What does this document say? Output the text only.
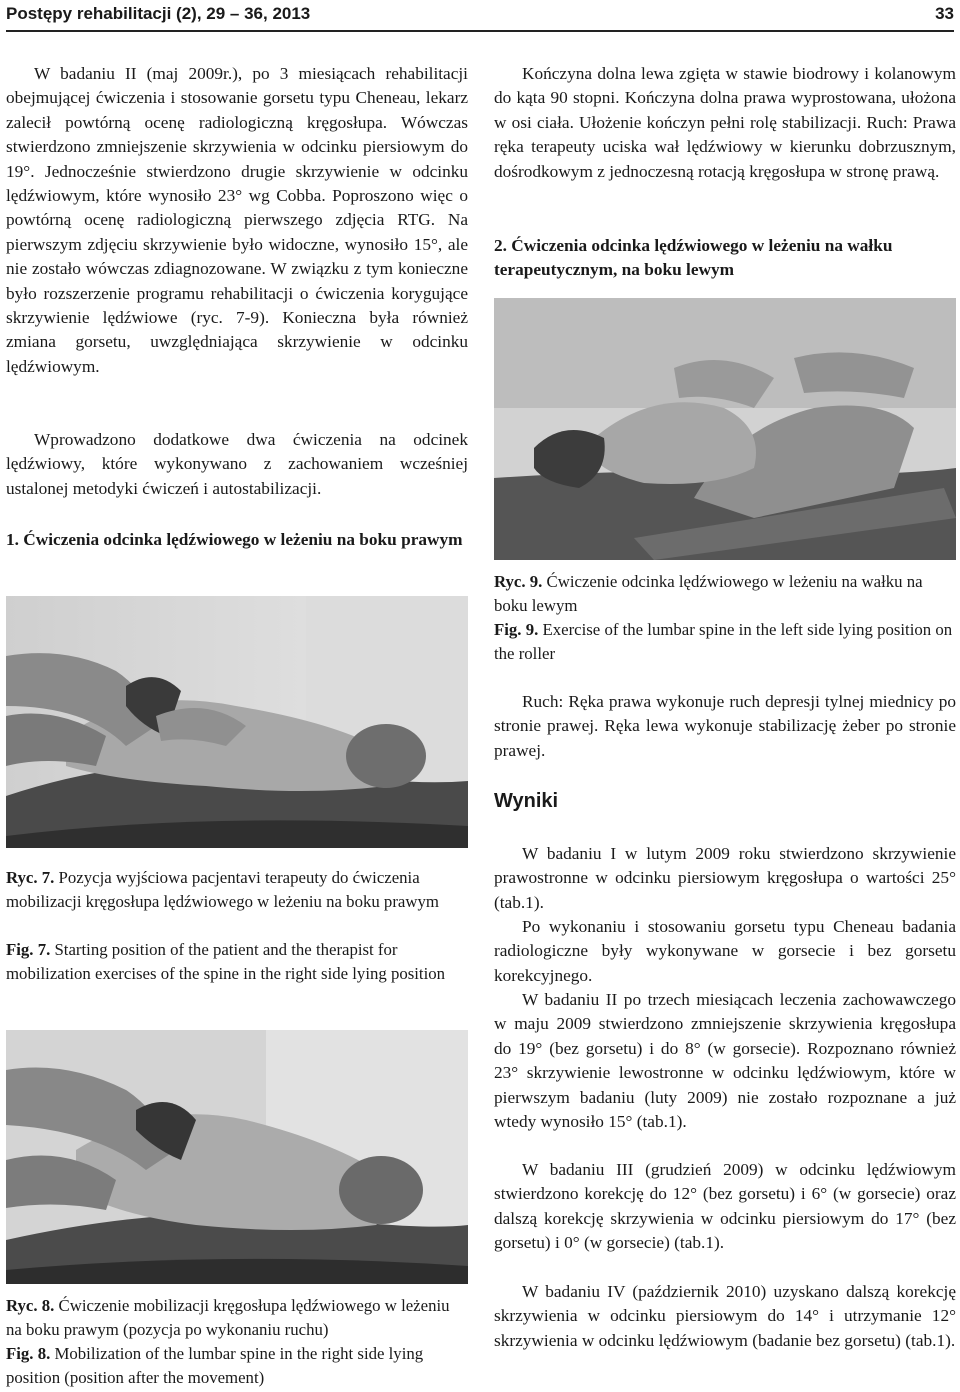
Postępy rehabilitacji (2), 29 – 36, 2013	33

W badaniu II (maj 2009r.), po 3 miesiącach rehabilitacji obejmującej ćwiczenia i stosowanie gorsetu typu Cheneau, lekarz zalecił powtórną ocenę radiologiczną kręgosłupa. Wówczas stwierdzono zmniejszenie skrzywienia w odcinku piersiowym do 19°. Jednocześnie stwierdzono drugie skrzywienie w odcinku lędźwiowym, które wynosiło 23° wg Cobba. Poproszono więc o powtórną ocenę radiologiczną pierwszego zdjęcia RTG. Na pierwszym zdjęciu skrzywienie było widoczne, wynosiło 15°, ale nie zostało wówczas zdiagnozowane. W związku z tym konieczne było rozszerzenie programu rehabilitacji o ćwiczenia korygujące skrzywienie lędźwiowe (ryc. 7-9). Konieczna była również zmiana gorsetu, uwzględniająca skrzywienie w odcinku lędźwiowym.

Wprowadzono dodatkowe dwa ćwiczenia na odcinek lędźwiowy, które wykonywano z zachowaniem wcześniej ustalonej metodyki ćwiczeń i autostabilizacji.

1. Ćwiczenia odcinka lędźwiowego w leżeniu na boku prawym

Ryc. 7. Pozycja wyjściowa pacjentavi terapeuty do ćwiczenia mobilizacji kręgosłupa lędźwiowego w leżeniu na boku prawym

Fig. 7. Starting position of the patient and the therapist for mobilization exercises of the spine in the right side lying position

Ryc. 8. Ćwiczenie mobilizacji kręgosłupa lędźwiowego w leżeniu na boku prawym (pozycja po wykonaniu ruchu)

Fig. 8. Mobilization of the lumbar spine in the right side lying position (position after the movement)

Kończyna dolna lewa zgięta w stawie biodrowy i kolanowym do kąta 90 stopni. Kończyna dolna prawa wyprostowana, ułożona w osi ciała. Ułożenie kończyn pełni rolę stabilizacji. Ruch: Prawa ręka terapeuty uciska wał lędźwiowy w kierunku dobrzusznym, dośrodkowym z jednoczesną rotacją kręgosłupa w stronę prawą.

2. Ćwiczenia odcinka lędźwiowego w leżeniu na wałku terapeutycznym, na boku lewym

Ryc. 9. Ćwiczenie odcinka lędźwiowego w leżeniu na wałku na boku lewym

Fig. 9. Exercise of the lumbar spine in the left side lying position on the roller

Ruch: Ręka prawa wykonuje ruch depresji tylnej miednicy po stronie prawej. Ręka lewa wykonuje stabilizację żeber po stronie prawej.

Wyniki

W badaniu I w lutym 2009 roku stwierdzono skrzywienie prawostronne w odcinku piersiowym kręgosłupa o wartości 25°(tab.1).

Po wykonaniu i stosowaniu gorsetu typu Cheneau badania radiologiczne były wykonywane w gorsecie i bez gorsetu korekcyjnego.

W badaniu II po trzech miesiącach leczenia zachowawczego w maju 2009 stwierdzono zmniejszenie skrzywienia kręgosłupa do 19° (bez gorsetu) i do 8° (w gorsecie). Rozpoznano również 23° skrzywienie lewostronne w odcinku lędźwiowym, które w pierwszym badaniu (luty 2009) nie zostało rozpoznane a już wtedy wynosiło 15° (tab.1).

W badaniu III (grudzień 2009) w odcinku lędźwiowym stwierdzono korekcję do 12° (bez gorsetu) i 6° (w gorsecie) oraz dalszą korekcję skrzywienia w odcinku piersiowym do 17° (bez gorsetu) i 0° (w gorsecie) (tab.1).

W badaniu IV (październik 2010) uzyskano dalszą korekcję skrzywienia w odcinku piersiowym do 14° i utrzymanie 12° skrzywienia w odcinku lędźwiowym (badanie bez gorsetu) (tab.1).
